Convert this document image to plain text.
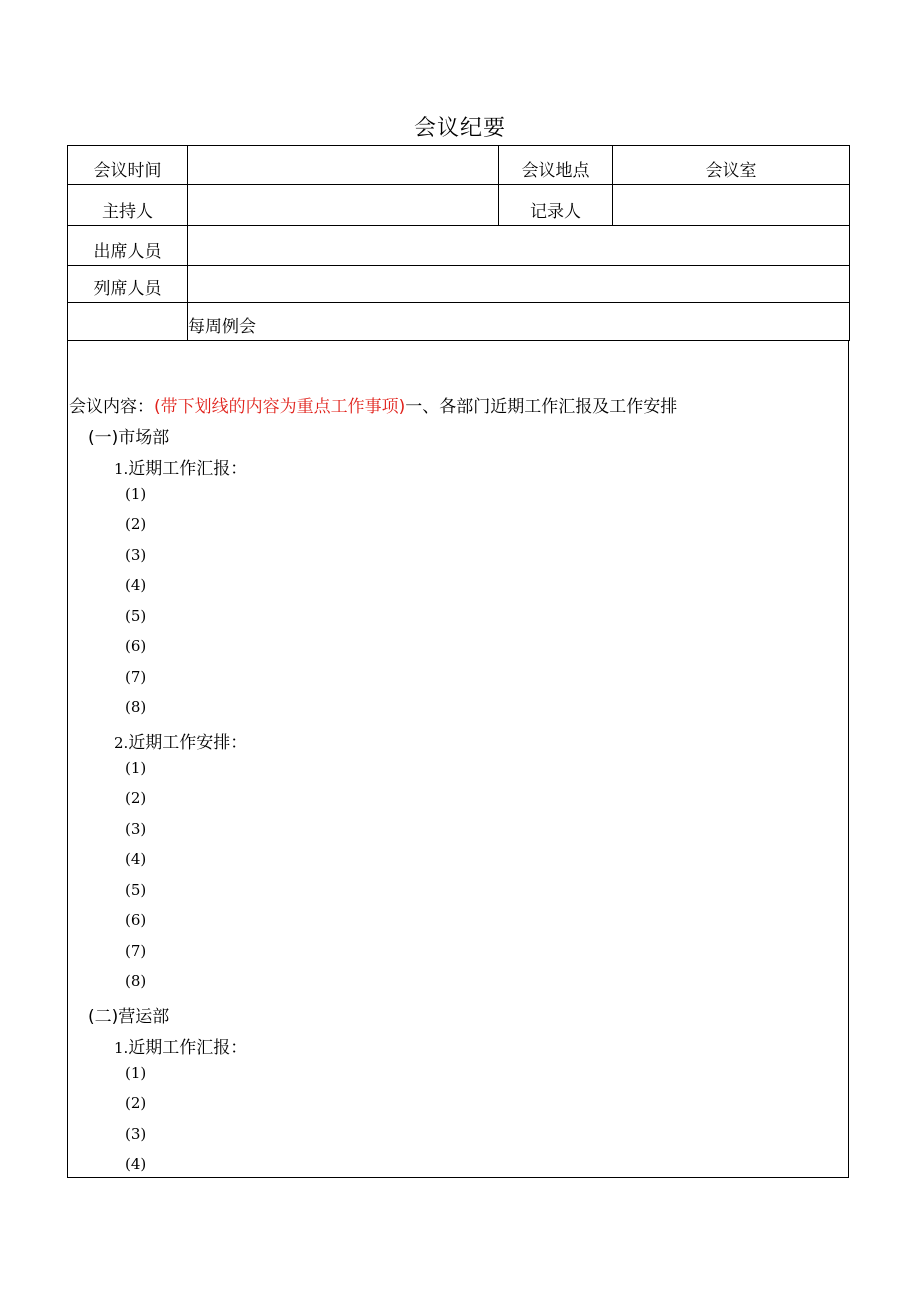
会议纪要
会议时间		会议地点	会议室
主持人		记录人	
出席人员			
列席人员			
	每周例会		
会议内容：(带下划线的内容为重点工作事项)一、各部门近期工作汇报及工作安排
(一)市场部
1.近期工作汇报：
(1)
(2)
(3)
(4)
(5)
(6)
(7)
(8)
2.近期工作安排：
(1)
(2)
(3)
(4)
(5)
(6)
(7)
(8)
(二)营运部
1.近期工作汇报：
(1)
(2)
(3)
(4)
